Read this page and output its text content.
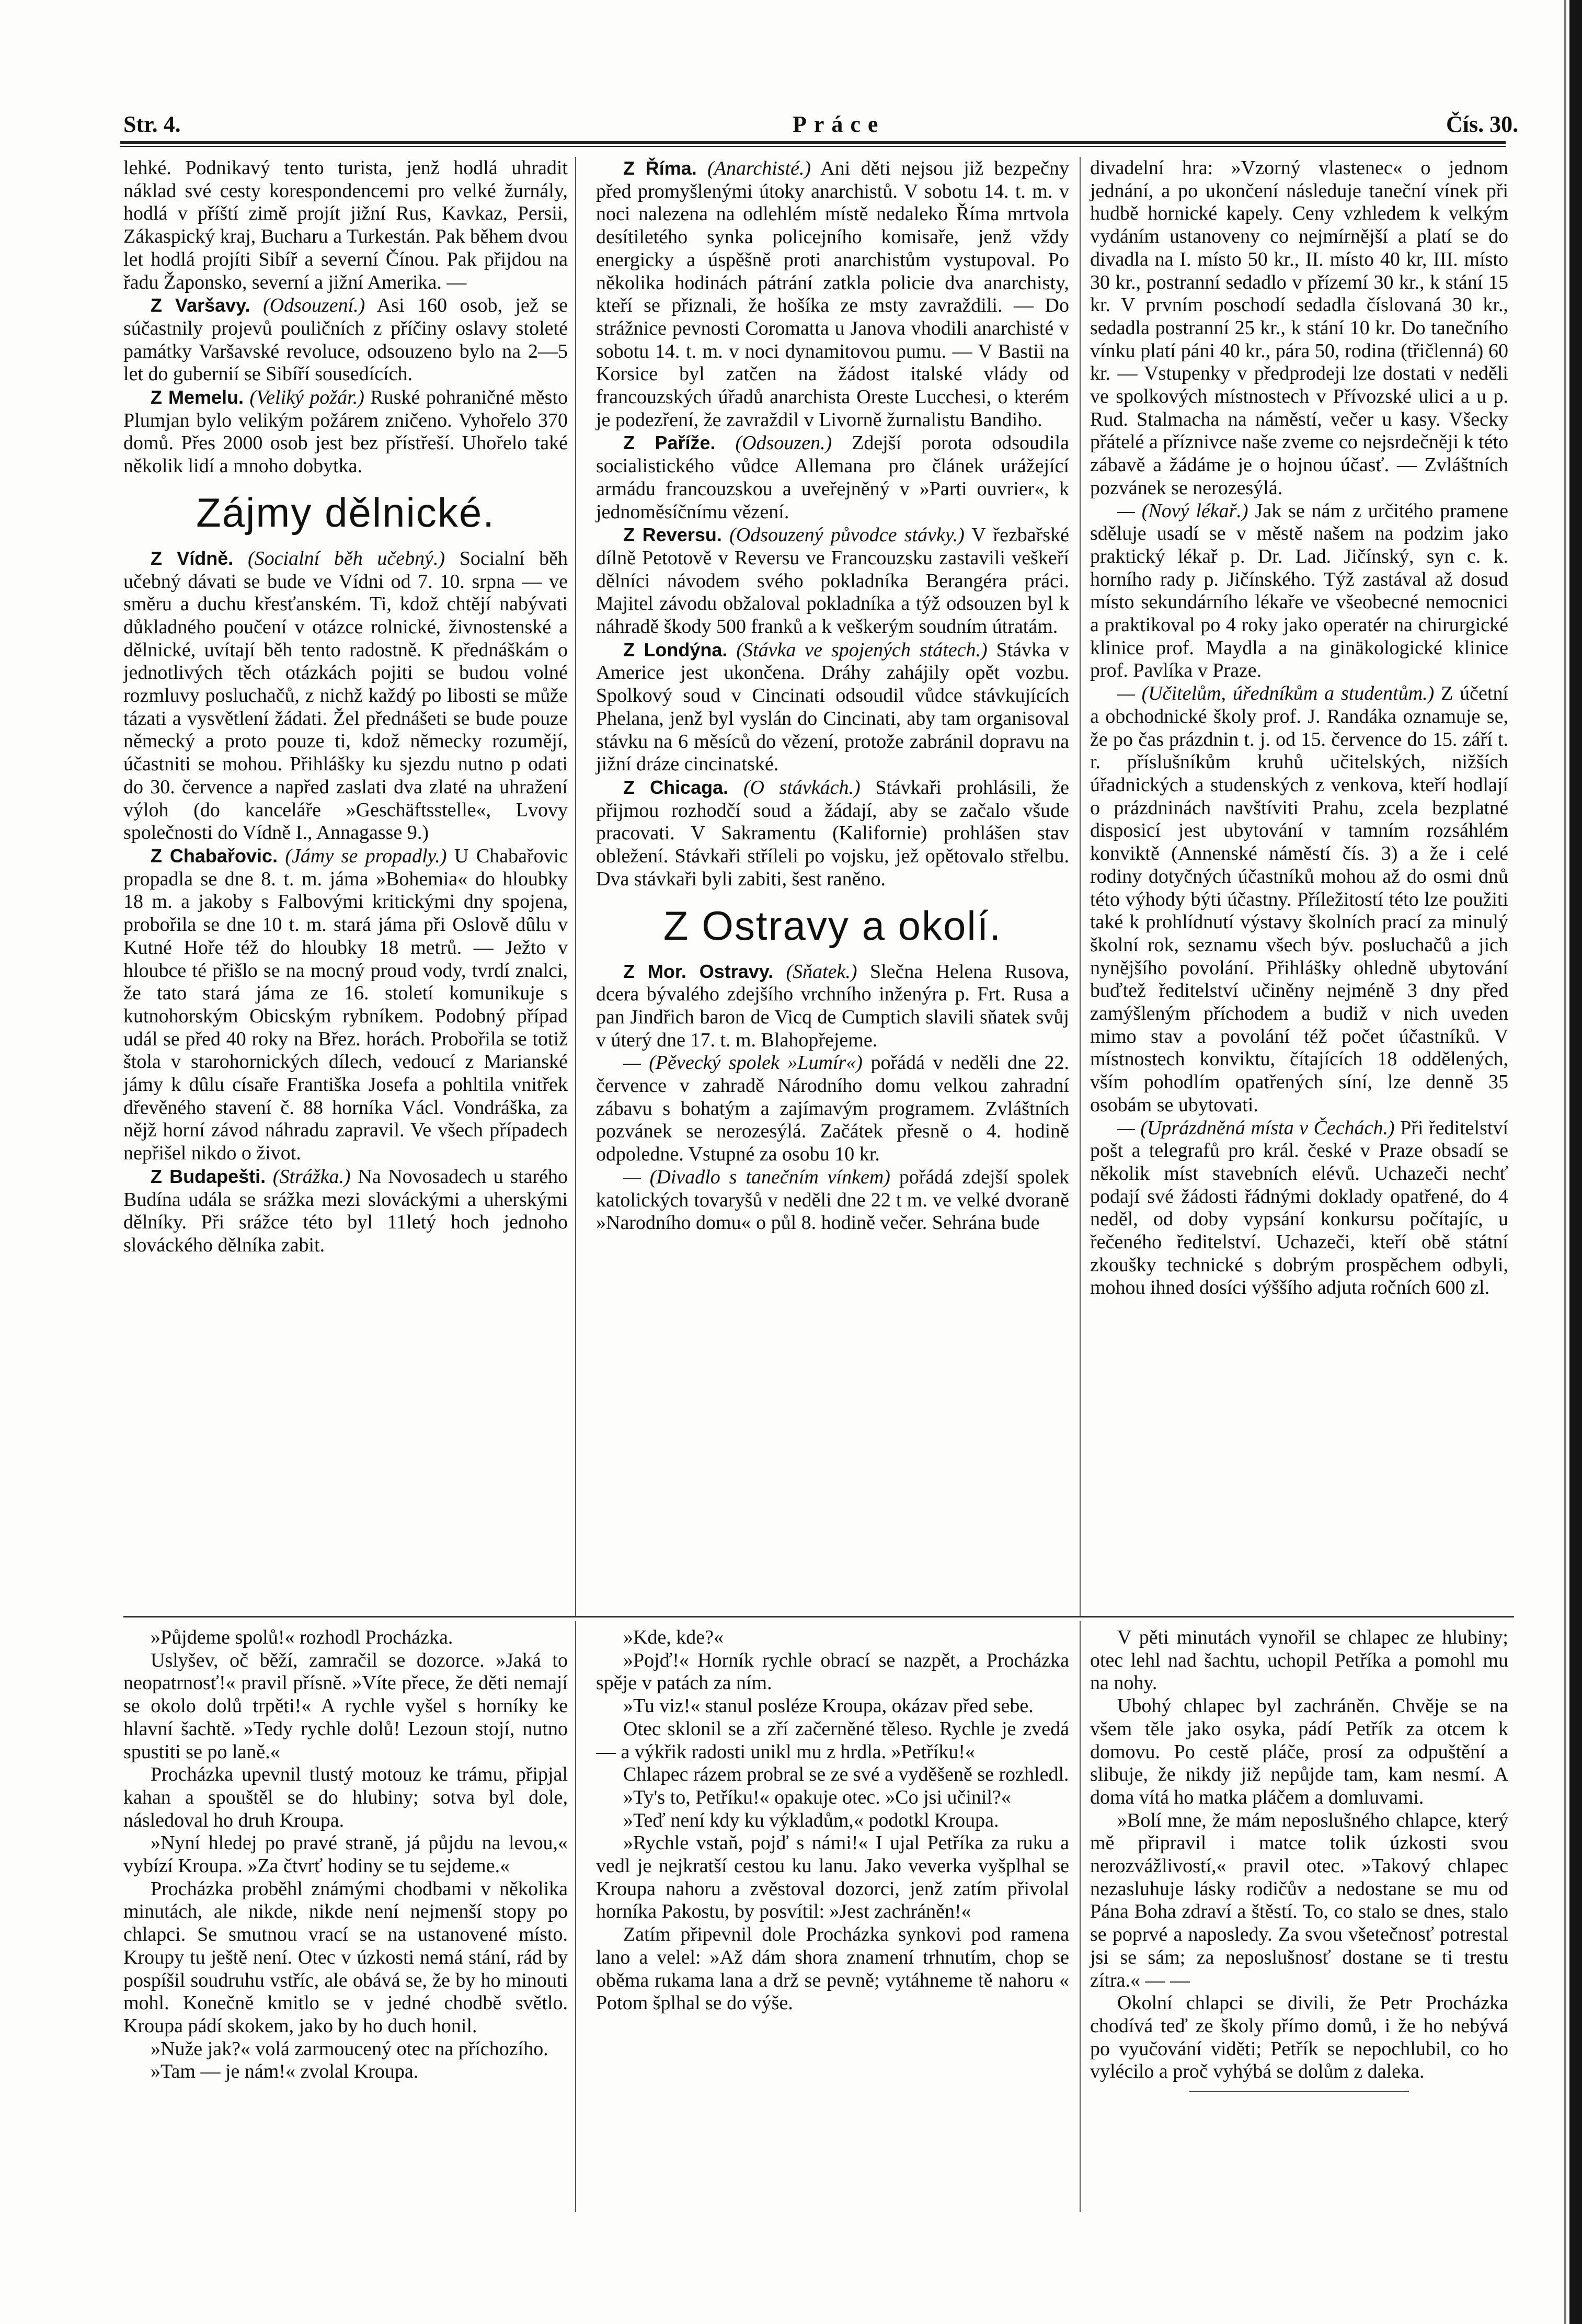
Str. 4.	Práce	Čís. 30.

lehké. Podnikavý tento turista, jenž hodlá uhradit náklad své cesty korespondencemi pro velké žurnály, hodlá v příští zimě projít jižní Rus, Kavkaz, Persii, Zákaspický kraj, Bucharu a Turkestán. Pak během dvou let hodlá projíti Sibíř a severní Čínou. Pak přijdou na řadu Žaponsko, severní a jižní Amerika. —

Z Varšavy. (Odsouzení.) Asi 160 osob, jež se súčastnily projevů pouličních z příčiny oslavy stoleté památky Varšavské revoluce, odsouzeno bylo na 2—5 let do gubernií se Sibíří sousedících.

Z Memelu. (Veliký požár.) Ruské pohraničné město Plumjan bylo velikým požárem zničeno. Vyhořelo 370 domů. Přes 2000 osob jest bez přístřeší. Uhořelo také několik lidí a mnoho dobytka.

Zájmy dělnické.

Z Vídně. (Socialní běh učebný.) Socialní běh učebný dávati se bude ve Vídni od 7. 10. srpna — ve směru a duchu křesťanském. Ti, kdož chtějí nabývati důkladného poučení v otázce rolnické, živnostenské a dělnické, uvítají běh tento radostně. K přednáškám o jednotlivých těch otázkách pojiti se budou volné rozmluvy posluchačů, z nichž každý po libosti se může tázati a vysvětlení žádati. Žel přednášeti se bude pouze německý a proto pouze ti, kdož německy rozumějí, účastniti se mohou. Přihlášky ku sjezdu nutno p odati do 30. července a napřed zaslati dva zlaté na uhražení výloh (do kanceláře »Geschäftsstelle«, Lvovy společnosti do Vídně I., Annagasse 9.)

Z Chabařovic. (Jámy se propadly.) U Chabařovic propadla se dne 8. t. m. jáma »Bohemia« do hloubky 18 m. a jakoby s Falbovými kritickými dny spojena, probořila se dne 10 t. m. stará jáma při Oslově dûlu v Kutné Hoře též do hloubky 18 metrů. — Ježto v hloubce té přišlo se na mocný proud vody, tvrdí znalci, že tato stará jáma ze 16. století komunikuje s kutnohorským Obicským rybníkem. Podobný případ udál se před 40 roky na Břez. horách. Probořila se totiž štola v starohornických dílech, vedoucí z Marianské jámy k dûlu císaře Františka Josefa a pohltila vnitřek dřevěného stavení č. 88 horníka Václ. Vondráška, za nějž horní závod náhradu zapravil. Ve všech případech nepřišel nikdo o život.

Z Budapešti. (Strážka.) Na Novosadech u starého Budína udála se srážka mezi slováckými a uherskými dělníky. Při srážce této byl 11letý hoch jednoho slováckého dělníka zabit.

Z Říma. (Anarchisté.) Ani děti nejsou již bezpečny před promyšlenými útoky anarchistů. V sobotu 14. t. m. v noci nalezena na odlehlém místě nedaleko Říma mrtvola desítiletého synka policejního komisaře, jenž vždy energicky a úspěšně proti anarchistům vystupoval. Po několika hodinách pátrání zatkla policie dva anarchisty, kteří se přiznali, že hošíka ze msty zavraždili. — Do strážnice pevnosti Coromatta u Janova vhodili anarchisté v sobotu 14. t. m. v noci dynamitovou pumu. — V Bastii na Korsice byl zatčen na žádost italské vlády od francouzských úřadů anarchista Oreste Lucchesi, o kterém je podezření, že zavraždil v Livorně žurnalistu Bandiho.

Z Paříže. (Odsouzen.) Zdejší porota odsoudila socialistického vůdce Allemana pro článek urážející armádu francouzskou a uveřejněný v »Parti ouvrier«, k jednoměsíčnímu vězení.

Z Reversu. (Odsouzený původce stávky.) V řezbařské dílně Petotově v Reversu ve Francouzsku zastavili veškeří dělníci návodem svého pokladníka Berangéra práci. Majitel závodu obžaloval pokladníka a týž odsouzen byl k náhradě škody 500 franků a k veškerým soudním útratám.

Z Londýna. (Stávka ve spojených státech.) Stávka v Americe jest ukončena. Dráhy zahájily opět vozbu. Spolkový soud v Cincinati odsoudil vůdce stávkujících Phelana, jenž byl vyslán do Cincinati, aby tam organisoval stávku na 6 měsíců do vězení, protože zabránil dopravu na jižní dráze cincinatské.

Z Chicaga. (O stávkách.) Stávkaři prohlásili, že přijmou rozhodčí soud a žádají, aby se začalo všude pracovati. V Sakramentu (Kalifornie) prohlášen stav obležení. Stávkaři stříleli po vojsku, jež opětovalo střelbu. Dva stávkaři byli zabiti, šest raněno.

Z Ostravy a okolí.

Z Mor. Ostravy. (Sňatek.) Slečna Helena Rusova, dcera bývalého zdejšího vrchního inženýra p. Frt. Rusa a pan Jindřich baron de Vicq de Cumptich slavili sňatek svůj v úterý dne 17. t. m. Blahopřejeme.

— (Pěvecký spolek »Lumír«) pořádá v neděli dne 22. července v zahradě Národního domu velkou zahradní zábavu s bohatým a zajímavým programem. Zvláštních pozvánek se nerozesýlá. Začátek přesně o 4. hodině odpoledne. Vstupné za osobu 10 kr.

— (Divadlo s tanečním vínkem) pořádá zdejší spolek katolických tovaryšů v neděli dne 22 t m. ve velké dvoraně »Narodního domu« o půl 8. hodině večer. Sehrána bude

divadelní hra: »Vzorný vlastenec« o jednom jednání, a po ukončení následuje taneční vínek při hudbě hornické kapely. Ceny vzhledem k velkým vydáním ustanoveny co nejmírnější a platí se do divadla na I. místo 50 kr., II. místo 40 kr, III. místo 30 kr., postranní sedadlo v přízemí 30 kr., k stání 15 kr. V prvním poschodí sedadla číslovaná 30 kr., sedadla postranní 25 kr., k stání 10 kr. Do tanečního vínku platí páni 40 kr., pára 50, rodina (třičlenná) 60 kr. — Vstupenky v předprodeji lze dostati v neděli ve spolkových místnostech v Přívozské ulici a u p. Rud. Stalmacha na náměstí, večer u kasy. Všecky přátelé a příznivce naše zveme co nejsrdečněji k této zábavě a žádáme je o hojnou účasť. — Zvláštních pozvánek se nerozesýlá.

— (Nový lékař.) Jak se nám z určitého pramene sděluje usadí se v městě našem na podzim jako praktický lékař p. Dr. Lad. Jičínský, syn c. k. horního rady p. Jičínského. Týž zastával až dosud místo sekundárního lékaře ve všeobecné nemocnici a praktikoval po 4 roky jako operatér na chirurgické klinice prof. Maydla a na ginäkologické klinice prof. Pavlíka v Praze.

— (Učitelům, úředníkům a studentům.) Z účetní a obchodnické školy prof. J. Randáka oznamuje se, že po čas prázdnin t. j. od 15. července do 15. září t. r. příslušníkům kruhů učitelských, nižších úřadnických a studenských z venkova, kteří hodlají o prázdninách navštíviti Prahu, zcela bezplatné disposicí jest ubytování v tamním rozsáhlém konviktě (Annenské náměstí čís. 3) a že i celé rodiny dotyčných účastníků mohou až do osmi dnů této výhody býti účastny. Příležitostí této lze použiti také k prohlídnutí výstavy školních prací za minulý školní rok, seznamu všech býv. posluchačů a jich nynějšího povolání. Přihlášky ohledně ubytování buďtež ředitelství učiněny nejméně 3 dny před zamýšleným příchodem a budiž v nich uveden mimo stav a povolání též počet účastníků. V místnostech konviktu, čítajících 18 oddělených, vším pohodlím opatřených síní, lze denně 35 osobám se ubytovati.

— (Uprázdněná místa v Čechách.) Při ředitelství pošt a telegrafů pro král. české v Praze obsadí se několik míst stavebních elévů. Uchazeči nechť podají své žádosti řádnými doklady opatřené, do 4 neděl, od doby vypsání konkursu počítajíc, u řečeného ředitelství. Uchazeči, kteří obě státní zkoušky technické s dobrým prospěchem odbyli, mohou ihned dosíci výššího adjuta ročních 600 zl.

»Půjdeme spolů!« rozhodl Procházka.

Uslyšev, oč běží, zamračil se dozorce. »Jaká to neopatrnosť!« pravil přísně. »Víte přece, že děti nemají se okolo dolů trpěti!« A rychle vyšel s horníky ke hlavní šachtě. »Tedy rychle dolů! Lezoun stojí, nutno spustiti se po laně.«

Procházka upevnil tlustý motouz ke trámu, připjal kahan a spouštěl se do hlubiny; sotva byl dole, následoval ho druh Kroupa.

»Nyní hledej po pravé straně, já půjdu na levou,« vybízí Kroupa. »Za čtvrť hodiny se tu sejdeme.«

Procházka proběhl známými chodbami v několika minutách, ale nikde, nikde není nejmenší stopy po chlapci. Se smutnou vrací se na ustanovené místo. Kroupy tu ještě není. Otec v úzkosti nemá stání, rád by pospíšil soudruhu vstříc, ale obává se, že by ho minouti mohl. Konečně kmitlo se v jedné chodbě světlo. Kroupa pádí skokem, jako by ho duch honil.

»Nuže jak?« volá zarmoucený otec na příchozího.

»Tam — je nám!« zvolal Kroupa.

»Kde, kde?«

»Pojď!« Horník rychle obrací se nazpět, a Procházka spěje v patách za ním.

»Tu viz!« stanul posléze Kroupa, okázav před sebe.

Otec sklonil se a zří začerněné těleso. Rychle je zvedá — a výkřik radosti unikl mu z hrdla. »Petříku!«

Chlapec rázem probral se ze své a vyděšeně se rozhledl.

»Ty's to, Petříku!« opakuje otec. »Co jsi učinil?«

»Teď není kdy ku výkladům,« podotkl Kroupa.

»Rychle vstaň, pojď s námi!« I ujal Petříka za ruku a vedl je nejkratší cestou ku lanu. Jako veverka vyšplhal se Kroupa nahoru a zvěstoval dozorci, jenž zatím přivolal horníka Pakostu, by posvítil: »Jest zachráněn!«

Zatím připevnil dole Procházka synkovi pod ramena lano a velel: »Až dám shora znamení trhnutím, chop se oběma rukama lana a drž se pevně; vytáhneme tě nahoru « Potom šplhal se do výše.

V pěti minutách vynořil se chlapec ze hlubiny; otec lehl nad šachtu, uchopil Petříka a pomohl mu na nohy.

Ubohý chlapec byl zachráněn. Chvěje se na všem těle jako osyka, pádí Petřík za otcem k domovu. Po cestě pláče, prosí za odpuštění a slibuje, že nikdy již nepůjde tam, kam nesmí. A doma vítá ho matka pláčem a domluvami.

»Bolí mne, že mám neposlušného chlapce, který mě připravil i matce tolik úzkosti svou nerozvážlivostí,« pravil otec. »Takový chlapec nezasluhuje lásky rodičův a nedostane se mu od Pána Boha zdraví a štěstí. To, co stalo se dnes, stalo se poprvé a naposledy. Za svou všetečnosť potrestal jsi se sám; za neposlušnosť dostane se ti trestu zítra.« — —

Okolní chlapci se divili, že Petr Procházka chodívá teď ze školy přímo domů, i že ho nebývá po vyučování viděti; Petřík se nepochlubil, co ho vylécilo a proč vyhýbá se dolům z daleka.
